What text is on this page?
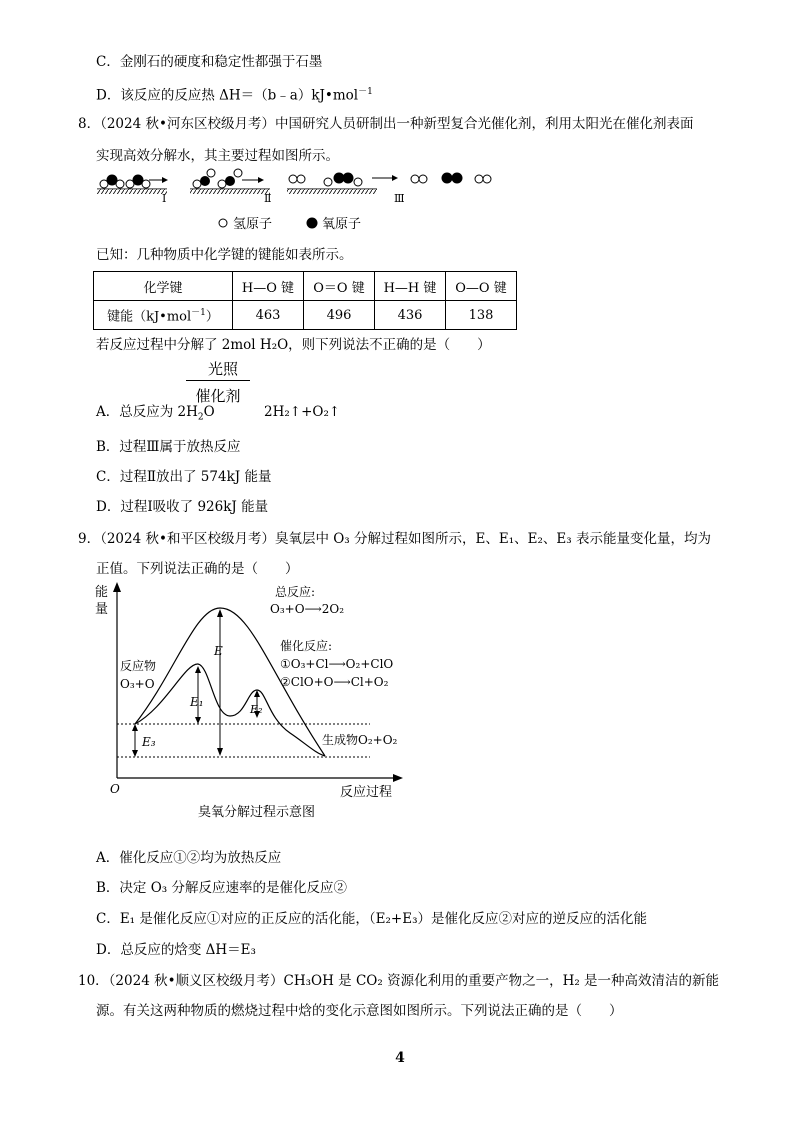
C．金刚石的硬度和稳定性都强于石墨
D．该反应的反应热 ΔH＝（b﹣a）kJ•mol$^{-1}$
8．（2024 秋•河东区校级月考）中国研究人员研制出一种新型复合光催化剂，利用太阳光在催化剂表面
实现高效分解水，其主要过程如图所示。
Ⅰ	Ⅱ	Ⅲ
氢原子	氧原子
已知：几种物质中化学键的键能如表所示。
化学键	H—O 键	O＝O 键	H—H 键	O—O 键
键能（kJ•mol$^{-1}$）	463	496	436	138
若反应过程中分解了 2mol H₂O，则下列说法不正确的是（　　）
光照
催化剂
A．总反应为 $2H_2O$	2H₂↑+O₂↑
B．过程Ⅲ属于放热反应
C．过程Ⅱ放出了 574kJ 能量
D．过程Ⅰ吸收了 926kJ 能量
9．（2024 秋•和平区校级月考）臭氧层中 O₃ 分解过程如图所示，E、E₁、E₂、E₃ 表示能量变化量，均为
正值。下列说法正确的是（　　）
能
量
O	反应过程
E
E₁
E₂
E₃
总反应:
O₃+O⟶2O₂
催化反应:
①O₃+Cl⟶O₂+ClO
②ClO+O⟶Cl+O₂
反应物
O₃+O
生成物O₂+O₂
臭氧分解过程示意图
A．催化反应①②均为放热反应
B．决定 O₃ 分解反应速率的是催化反应②
C．E₁ 是催化反应①对应的正反应的活化能，（E₂+E₃）是催化反应②对应的逆反应的活化能
D．总反应的焓变 ΔH＝E₃
10．（2024 秋•顺义区校级月考）CH₃OH 是 CO₂ 资源化利用的重要产物之一，H₂ 是一种高效清洁的新能
源。有关这两种物质的燃烧过程中焓的变化示意图如图所示。下列说法正确的是（　　）
4
